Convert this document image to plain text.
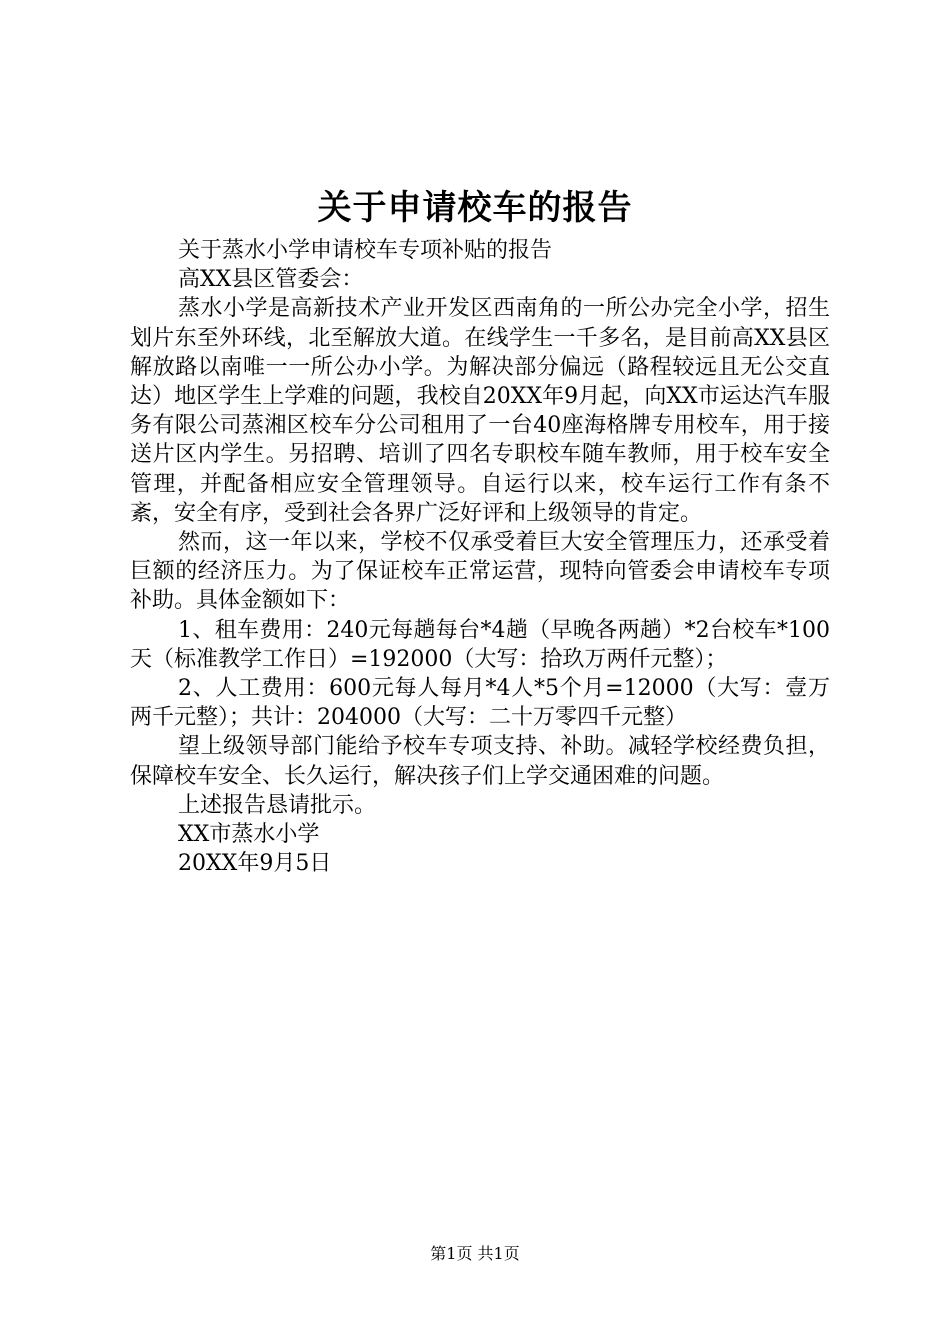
关于申请校车的报告

关于蒸水小学申请校车专项补贴的报告

高XX县区管委会：

蒸水小学是高新技术产业开发区西南角的一所公办完全小学，招生划片东至外环线，北至解放大道。在线学生一千多名，是目前高XX县区解放路以南唯一一所公办小学。为解决部分偏远（路程较远且无公交直达）地区学生上学难的问题，我校自20XX年9月起，向XX市运达汽车服务有限公司蒸湘区校车分公司租用了一台40座海格牌专用校车，用于接送片区内学生。另招聘、培训了四名专职校车随车教师，用于校车安全管理，并配备相应安全管理领导。自运行以来，校车运行工作有条不紊，安全有序，受到社会各界广泛好评和上级领导的肯定。

然而，这一年以来，学校不仅承受着巨大安全管理压力，还承受着巨额的经济压力。为了保证校车正常运营，现特向管委会申请校车专项补助。具体金额如下：

1、租车费用：240元每趟每台*4趟（早晚各两趟）*2台校车*100天（标准教学工作日）=192000（大写：拾玖万两仟元整）；

2、人工费用：600元每人每月*4人*5个月=12000（大写：壹万两千元整）；共计：204000（大写：二十万零四千元整）

望上级领导部门能给予校车专项支持、补助。减轻学校经费负担，保障校车安全、长久运行，解决孩子们上学交通困难的问题。

上述报告恳请批示。

XX市蒸水小学

20XX年9月5日

第1页 共1页
